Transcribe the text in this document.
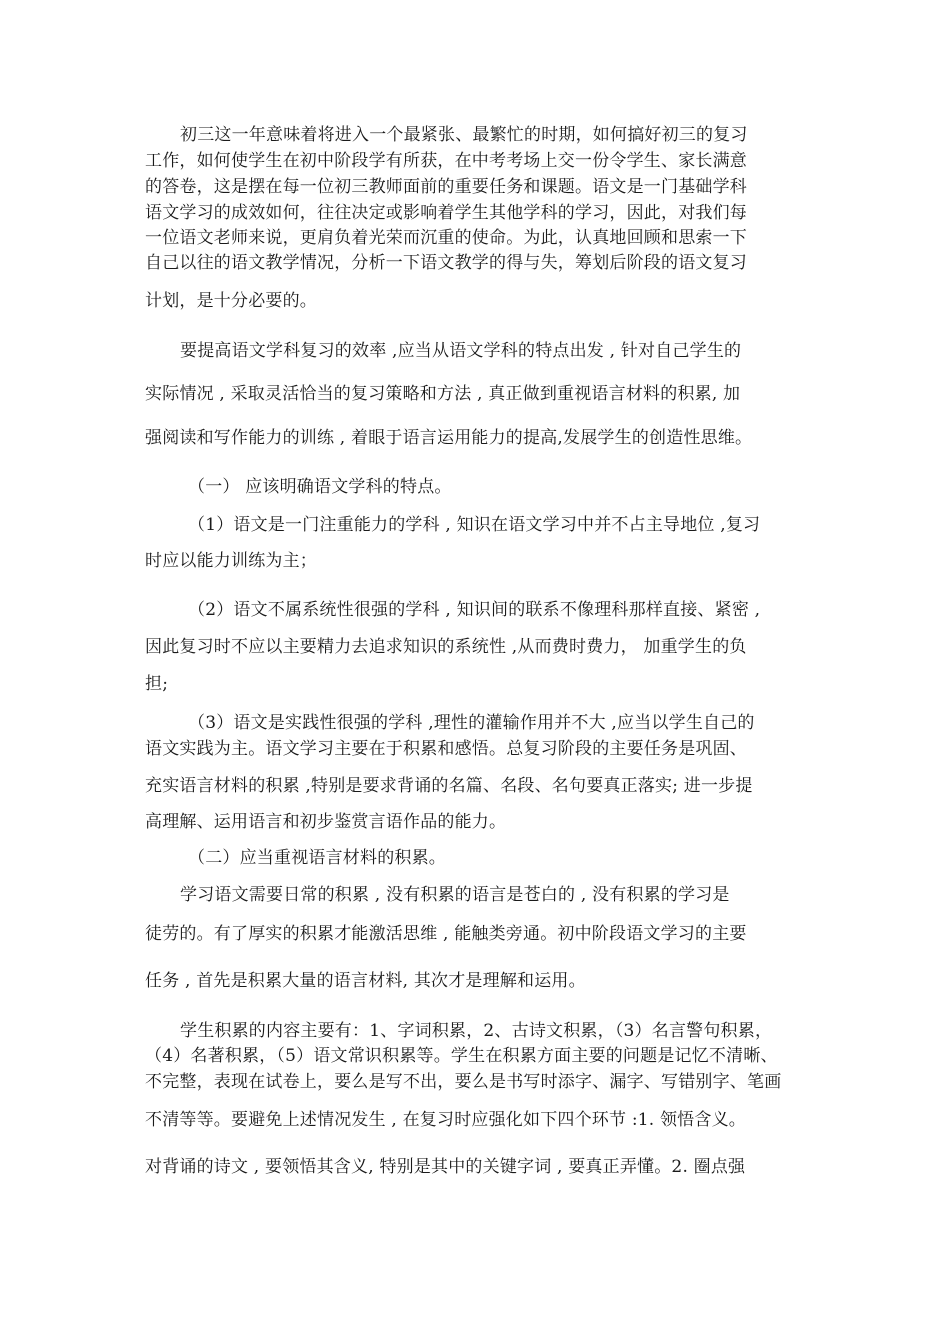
初三这一年意味着将进入一个最紧张、最繁忙的时期，如何搞好初三的复习
工作，如何使学生在初中阶段学有所获，在中考考场上交一份令学生、家长满意
的答卷，这是摆在每一位初三教师面前的重要任务和课题。语文是一门基础学科
语文学习的成效如何，往往决定或影响着学生其他学科的学习，因此，对我们每
一位语文老师来说，更肩负着光荣而沉重的使命。为此，认真地回顾和思索一下
自己以往的语文教学情况，分析一下语文教学的得与失，筹划后阶段的语文复习
计划，是十分必要的。
要提高语文学科复习的效率 ,应当从语文学科的特点出发 , 针对自己学生的
实际情况 , 采取灵活恰当的复习策略和方法 , 真正做到重视语言材料的积累, 加
强阅读和写作能力的训练 , 着眼于语言运用能力的提高,发展学生的创造性思维。
（一） 应该明确语文学科的特点。
（1）语文是一门注重能力的学科 , 知识在语文学习中并不占主导地位 ,复习
时应以能力训练为主；
（2）语文不属系统性很强的学科 , 知识间的联系不像理科那样直接、紧密 ,
因此复习时不应以主要精力去追求知识的系统性 ,从而费时费力， 加重学生的负
担;
（3）语文是实践性很强的学科 ,理性的灌输作用并不大 ,应当以学生自己的
语文实践为主。语文学习主要在于积累和感悟。总复习阶段的主要任务是巩固、
充实语言材料的积累 ,特别是要求背诵的名篇、名段、名句要真正落实; 进一步提
高理解、运用语言和初步鉴赏言语作品的能力。
（二）应当重视语言材料的积累。
学习语文需要日常的积累 , 没有积累的语言是苍白的 , 没有积累的学习是
徒劳的。有了厚实的积累才能激活思维 , 能触类旁通。初中阶段语文学习的主要
任务 , 首先是积累大量的语言材料, 其次才是理解和运用。
学生积累的内容主要有：1、字词积累，2、古诗文积累，（3）名言警句积累，
（4）名著积累，（5）语文常识积累等。学生在积累方面主要的问题是记忆不清晰、
不完整，表现在试卷上，要么是写不出，要么是书写时添字、漏字、写错别字、笔画
不清等等。要避免上述情况发生 , 在复习时应强化如下四个环节 :1. 领悟含义。
对背诵的诗文 , 要领悟其含义, 特别是其中的关键字词 , 要真正弄懂。2. 圈点强
